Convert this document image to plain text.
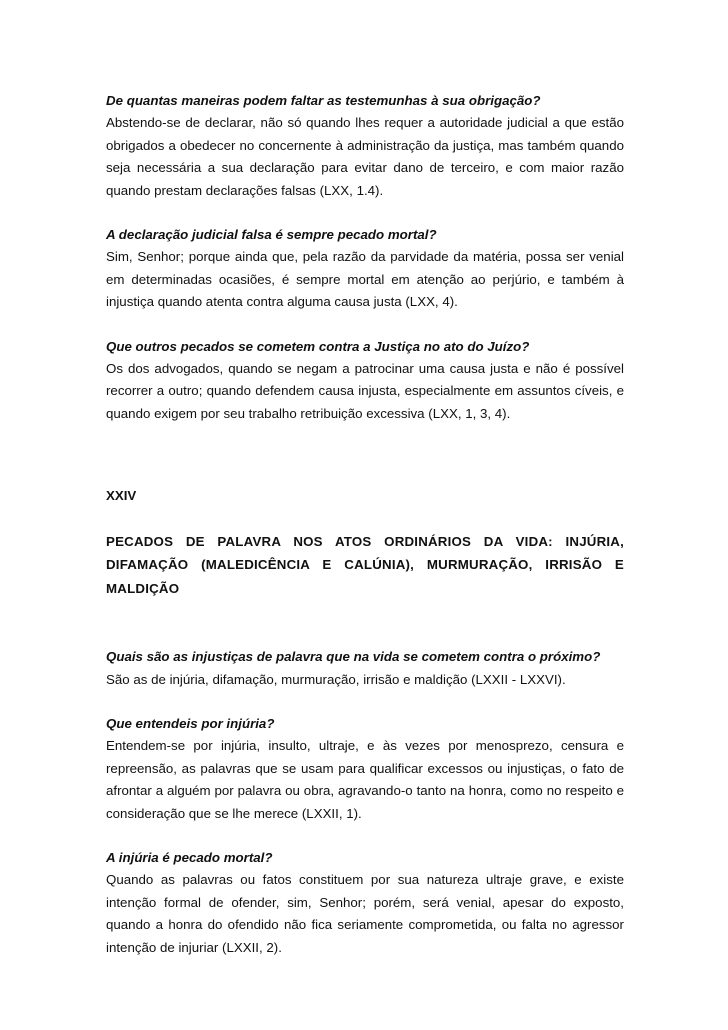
De quantas maneiras podem faltar as testemunhas à sua obrigação?

Abstendo-se de declarar, não só quando lhes requer a autoridade judicial a que estão obrigados a obedecer no concernente à administração da justiça, mas também quando seja necessária a sua declaração para evitar dano de terceiro, e com maior razão quando prestam declarações falsas (LXX, 1.4).

A declaração judicial falsa é sempre pecado mortal?

Sim, Senhor; porque ainda que, pela razão da parvidade da matéria, possa ser venial em determinadas ocasiões, é sempre mortal em atenção ao perjúrio, e também à injustiça quando atenta contra alguma causa justa (LXX, 4).

Que outros pecados se cometem contra a Justiça no ato do Juízo?

Os dos advogados, quando se negam a patrocinar uma causa justa e não é possível recorrer a outro; quando defendem causa injusta, especialmente em assuntos cíveis, e quando exigem por seu trabalho retribuição excessiva (LXX, 1, 3, 4).

XXIV

PECADOS DE PALAVRA NOS ATOS ORDINÁRIOS DA VIDA: INJÚRIA, DIFAMAÇÃO (MALEDICÊNCIA E CALÚNIA), MURMURAÇÃO, IRRISÃO E MALDIÇÃO

Quais são as injustiças de palavra que na vida se cometem contra o próximo?

São as de injúria, difamação, murmuração, irrisão e maldição (LXXII - LXXVI).

Que entendeis por injúria?

Entendem-se por injúria, insulto, ultraje, e às vezes por menosprezo, censura e repreensão, as palavras que se usam para qualificar excessos ou injustiças, o fato de afrontar a alguém por palavra ou obra, agravando-o tanto na honra, como no respeito e consideração que se lhe merece (LXXII, 1).

A injúria é pecado mortal?

Quando as palavras ou fatos constituem por sua natureza ultraje grave, e existe intenção formal de ofender, sim, Senhor; porém, será venial, apesar do exposto, quando a honra do ofendido não fica seriamente comprometida, ou falta no agressor intenção de injuriar (LXXII, 2).
